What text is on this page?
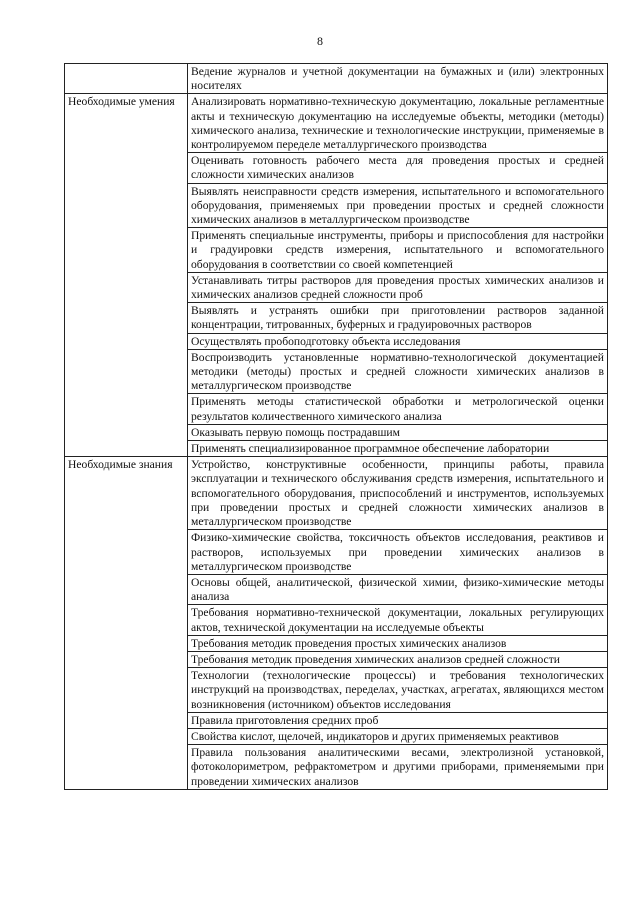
8
	Ведение журналов и учетной документации на бумажных и (или) электронных носителях
Необходимые умения	Анализировать нормативно-техническую документацию, локальные регламентные акты и техническую документацию на исследуемые объекты, методики (методы) химического анализа, технические и технологические инструкции, применяемые в контролируемом переделе металлургического производства
	Оценивать готовность рабочего места для проведения простых и средней сложности химических анализов
	Выявлять неисправности средств измерения, испытательного и вспомогательного оборудования, применяемых при проведении простых и средней сложности химических анализов в металлургическом производстве
	Применять специальные инструменты, приборы и приспособления для настройки и градуировки средств измерения, испытательного и вспомогательного оборудования в соответствии со своей компетенцией
	Устанавливать титры растворов для проведения простых химических анализов и химических анализов средней сложности проб
	Выявлять и устранять ошибки при приготовлении растворов заданной концентрации, титрованных, буферных и градуировочных растворов
	Осуществлять пробоподготовку объекта исследования
	Воспроизводить установленные нормативно-технологической документацией методики (методы) простых и средней сложности химических анализов в металлургическом производстве
	Применять методы статистической обработки и метрологической оценки результатов количественного химического анализа
	Оказывать первую помощь пострадавшим
	Применять специализированное программное обеспечение лаборатории
Необходимые знания	Устройство, конструктивные особенности, принципы работы, правила эксплуатации и технического обслуживания средств измерения, испытательного и вспомогательного оборудования, приспособлений и инструментов, используемых при проведении простых и средней сложности химических анализов в металлургическом производстве
	Физико-химические свойства, токсичность объектов исследования, реактивов и растворов, используемых при проведении химических анализов в металлургическом производстве
	Основы общей, аналитической, физической химии, физико-химические методы анализа
	Требования нормативно-технической документации, локальных регулирующих актов, технической документации на исследуемые объекты
	Требования методик проведения простых химических анализов
	Требования методик проведения химических анализов средней сложности
	Технологии (технологические процессы) и требования технологических инструкций на производствах, переделах, участках, агрегатах, являющихся местом возникновения (источником) объектов исследования
	Правила приготовления средних проб
	Свойства кислот, щелочей, индикаторов и других применяемых реактивов
	Правила пользования аналитическими весами, электролизной установкой, фотоколориметром, рефрактометром и другими приборами, применяемыми при проведении химических анализов
